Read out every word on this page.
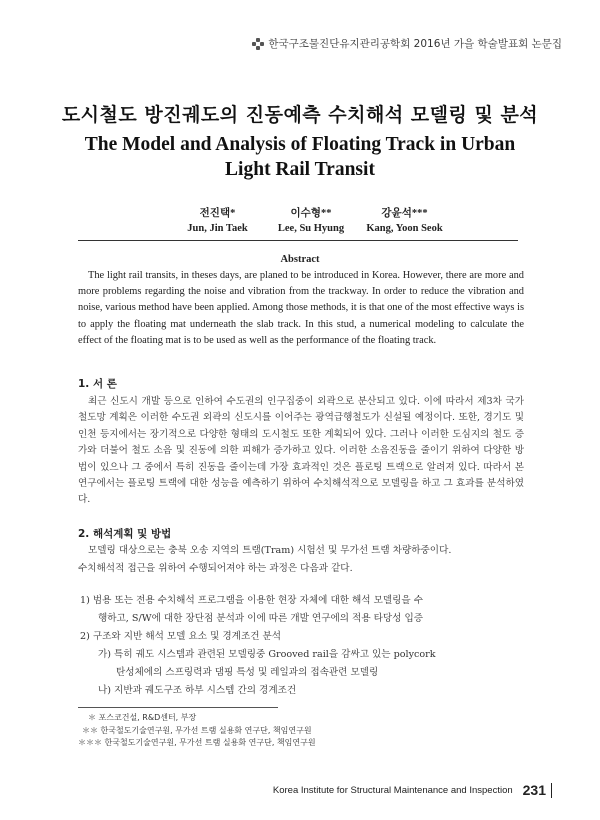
한국구조물진단유지관리공학회 2016년 가을 학술발표회 논문집
도시철도 방진궤도의 진동예측 수치해석 모델링 및 분석
The Model and Analysis of Floating Track in Urban Light Rail Transit
전진택*	이수형**	강윤석***
Jun, Jin Taek	Lee, Su Hyung	Kang, Yoon Seok
Abstract

The light rail transits, in theses days, are planed to be introduced in Korea. However, there are more and more problems regarding the noise and vibration from the trackway. In order to reduce the vibration and noise, various method have been applied. Among those methods, it is that one of the most effective ways is to apply the floating mat underneath the slab track. In this stud, a numerical modeling to calculate the effect of the floating mat is to be used as well as the performance of the floating track.

1. 서 론

최근 신도시 개발 등으로 인하여 수도권의 인구집중이 외곽으로 분산되고 있다. 이에 따라서 제3차 국가철도망 계획은 이러한 수도권 외곽의 신도시를 이어주는 광역급행철도가 신설될 예정이다. 또한, 경기도 및 인천 등지에서는 장기적으로 다양한 형태의 도시철도 또한 계획되어 있다. 그러나 이러한 도심지의 철도 증가와 더불어 철도 소음 및 진동에 의한 피해가 증가하고 있다. 이러한 소음진동을 줄이기 위하여 다양한 방법이 있으나 그 중에서 특히 진동을 줄이는데 가장 효과적인 것은 플로팅 트랙으로 알려져 있다. 따라서 본 연구에서는 플로팅 트랙에 대한 성능을 예측하기 위하여 수치해석적으로 모델링을 하고 그 효과를 분석하였다.

2. 해석계획 및 방법
모델링 대상으로는 충북 오송 지역의 트램(Tram) 시험선 및 무가선 트램 차량하중이다.
수치해석적 접근을 위하여 수행되어져야 하는 과정은 다음과 같다.
1) 범용 또는 전용 수치해석 프로그램을 이용한 현장 자체에 대한 해석 모델링을 수
행하고, S/W에 대한 장단점 분석과 이에 따른 개발 연구에의 적용 타당성 입증
2) 구조와 지반 해석 모델 요소 및 경계조건 분석
가) 특히 궤도 시스템과 관련된 모델링중 Grooved rail을 감싸고 있는 polycork
탄성체에의 스프링력과 댐핑 특성 및 레일과의 접속관련 모델링
나) 지반과 궤도구조 하부 시스템 간의 경계조건
＊ 포스코건설, R&D센터, 부장
＊＊ 한국철도기술연구원, 무가선 트램 실용화 연구단, 책임연구원
＊＊＊ 한국철도기술연구원, 무가선 트램 실용화 연구단, 책임연구원
Korea Institute for Structural Maintenance and Inspection 231
